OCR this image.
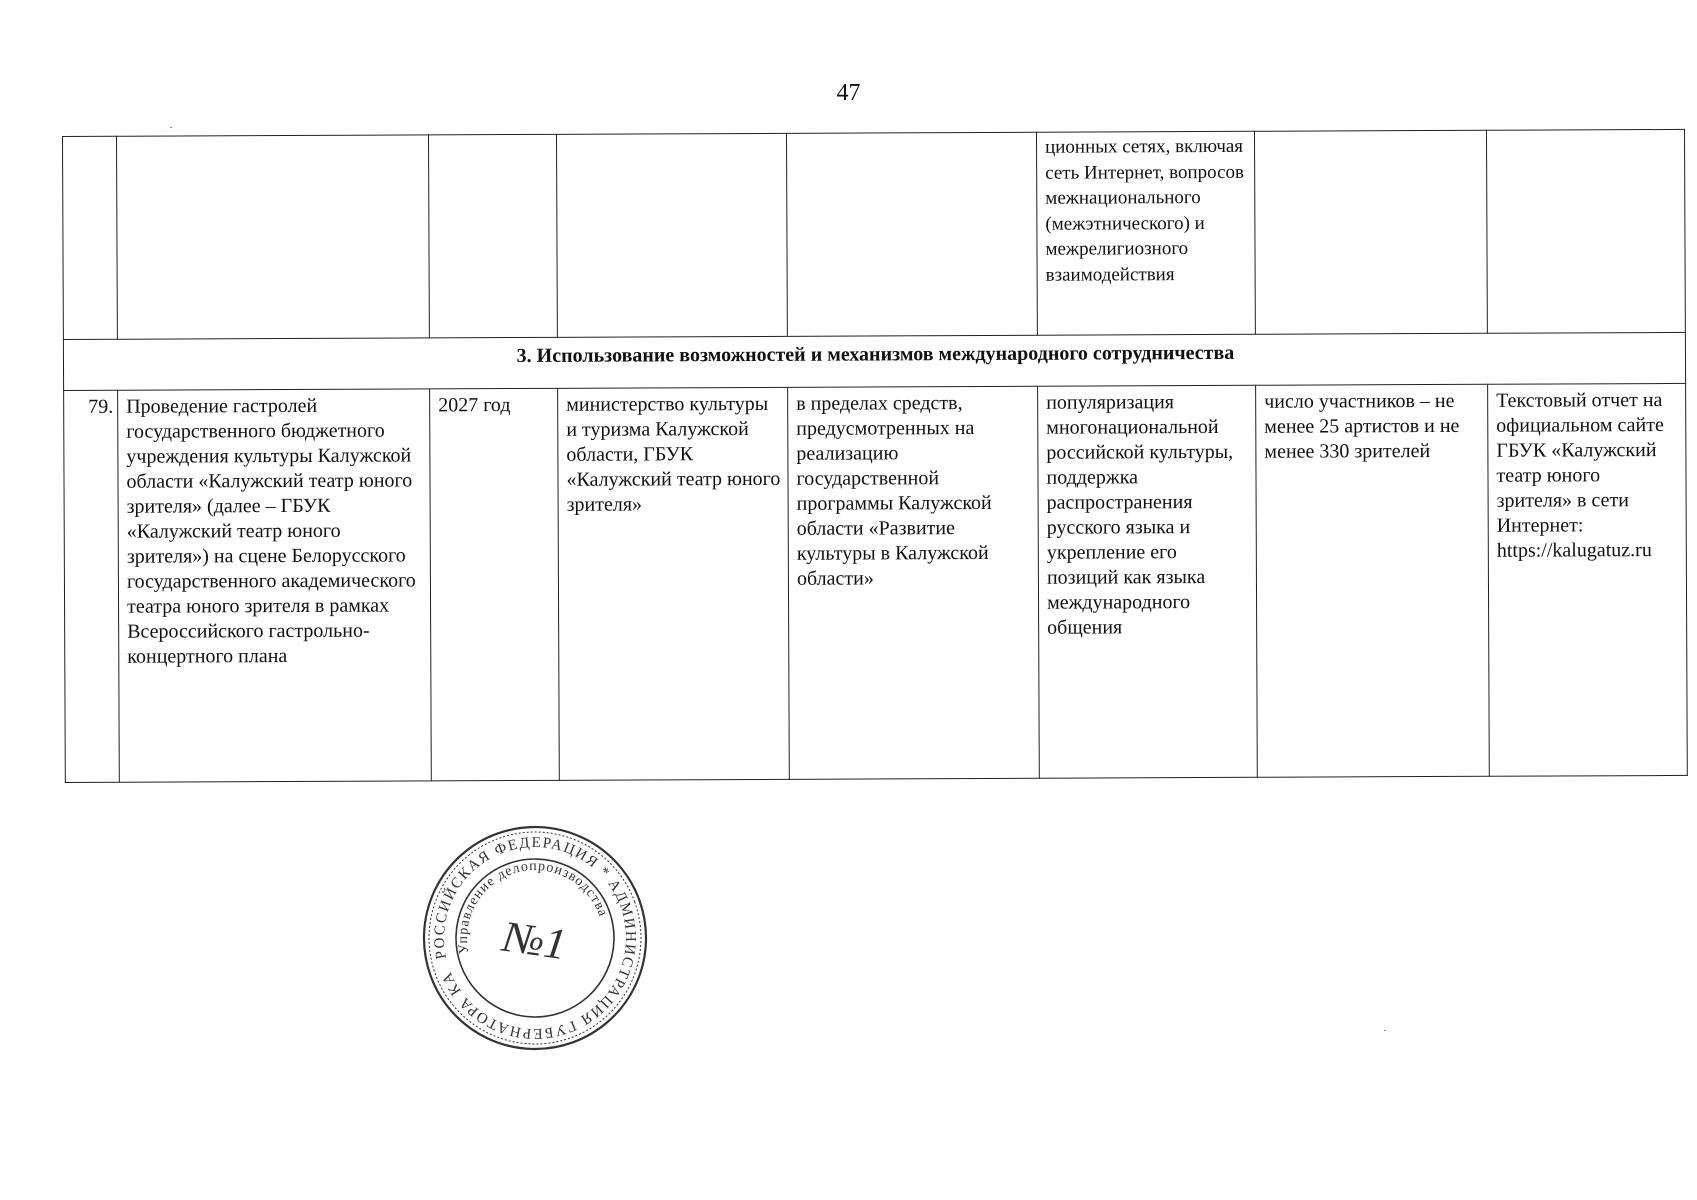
47
					ционных сетях, включая сеть Интернет, вопросов межнационального (межэтнического) и межрелигиозного взаимодействия		
3. Использование возможностей и механизмов международного сотрудничества							
79.	Проведение гастролей государственного бюджетного учреждения культуры Калужской области «Калужский театр юного зрителя» (далее – ГБУК «Калужский театр юного зрителя») на сцене Белорусского государственного академического театра юного зрителя в рамках Всероссийского гастрольно-концертного плана	2027 год	министерство культуры и туризма Калужской области, ГБУК «Калужский театр юного зрителя»	в пределах средств, предусмотренных на реализацию государственной программы Калужской области «Развитие культуры в Калужской области»	популяризация многонациональной российской культуры, поддержка распространения русского языка и укрепление его позиций как языка международного общения	число участников – не менее 25 артистов и не менее 330 зрителей	Текстовый отчет на официальном сайте ГБУК «Калужский театр юного зрителя» в сети Интернет: https://kalugatuz.ru
РОССИЙСКАЯ ФЕДЕРАЦИЯ * АДМИНИСТРАЦИЯ ГУБЕРНАТОРА КАЛУЖСКОЙ
Управление делопроизводства
№1
